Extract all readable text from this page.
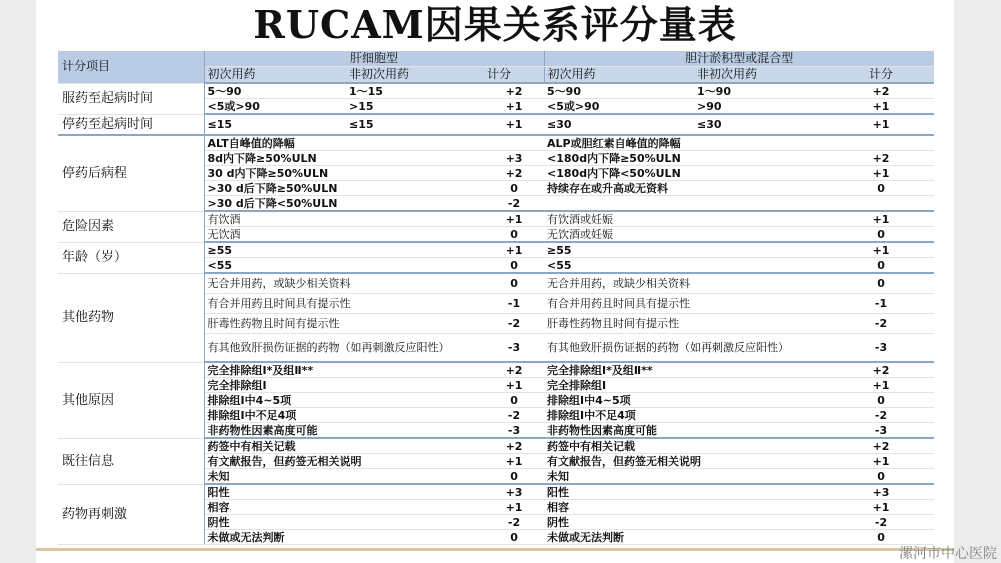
RUCAM因果关系评分量表
计分项目	肝细胞型			胆汁淤积型或混合型		
	初次用药	非初次用药	计分	初次用药	非初次用药	计分
服药至起病时间	5～90	1～15	+2	5～90	1～90	+2
	<5或>90	>15	+1	<5或>90	>90	+1
停药至起病时间	≤15	≤15	+1	≤30	≤30	+1
停药后病程	ALT自峰值的降幅			ALP或胆红素自峰值的降幅		
	8d内下降≥50%ULN		+3	<180d内下降≥50%ULN		+2
	30 d内下降≥50%ULN		+2	<180d内下降<50%ULN		+1
	>30 d后下降≥50%ULN		0	持续存在或升高或无资料		0
	>30 d后下降<50%ULN		-2			
危险因素	有饮酒		+1	有饮酒或妊娠		+1
	无饮酒		0	无饮酒或妊娠		0
年龄（岁）	≥55		+1	≥55		+1
	<55		0	<55		0
其他药物	无合并用药，或缺少相关资料		0	无合并用药，或缺少相关资料		0
	有合并用药且时间具有提示性		-1	有合并用药且时间具有提示性		-1
	肝毒性药物且时间有提示性		-2	肝毒性药物且时间有提示性		-2
	有其他致肝损伤证据的药物（如再刺激反应阳性）		-3	有其他致肝损伤证据的药物（如再刺激反应阳性）		-3
其他原因	完全排除组I*及组Ⅱ**		+2	完全排除组I*及组Ⅱ**		+2
	完全排除组I		+1	完全排除组I		+1
	排除组I中4~5项		0	排除组I中4~5项		0
	排除组I中不足4项		-2	排除组I中不足4项		-2
	非药物性因素高度可能		-3	非药物性因素高度可能		-3
既往信息	药签中有相关记载		+2	药签中有相关记载		+2
	有文献报告，但药签无相关说明		+1	有文献报告，但药签无相关说明		+1
	未知		0	未知		0
药物再刺激	阳性		+3	阳性		+3
	相容		+1	相容		+1
	阴性		-2	阴性		-2
	未做或无法判断		0	未做或无法判断		0
漯河市中心医院
